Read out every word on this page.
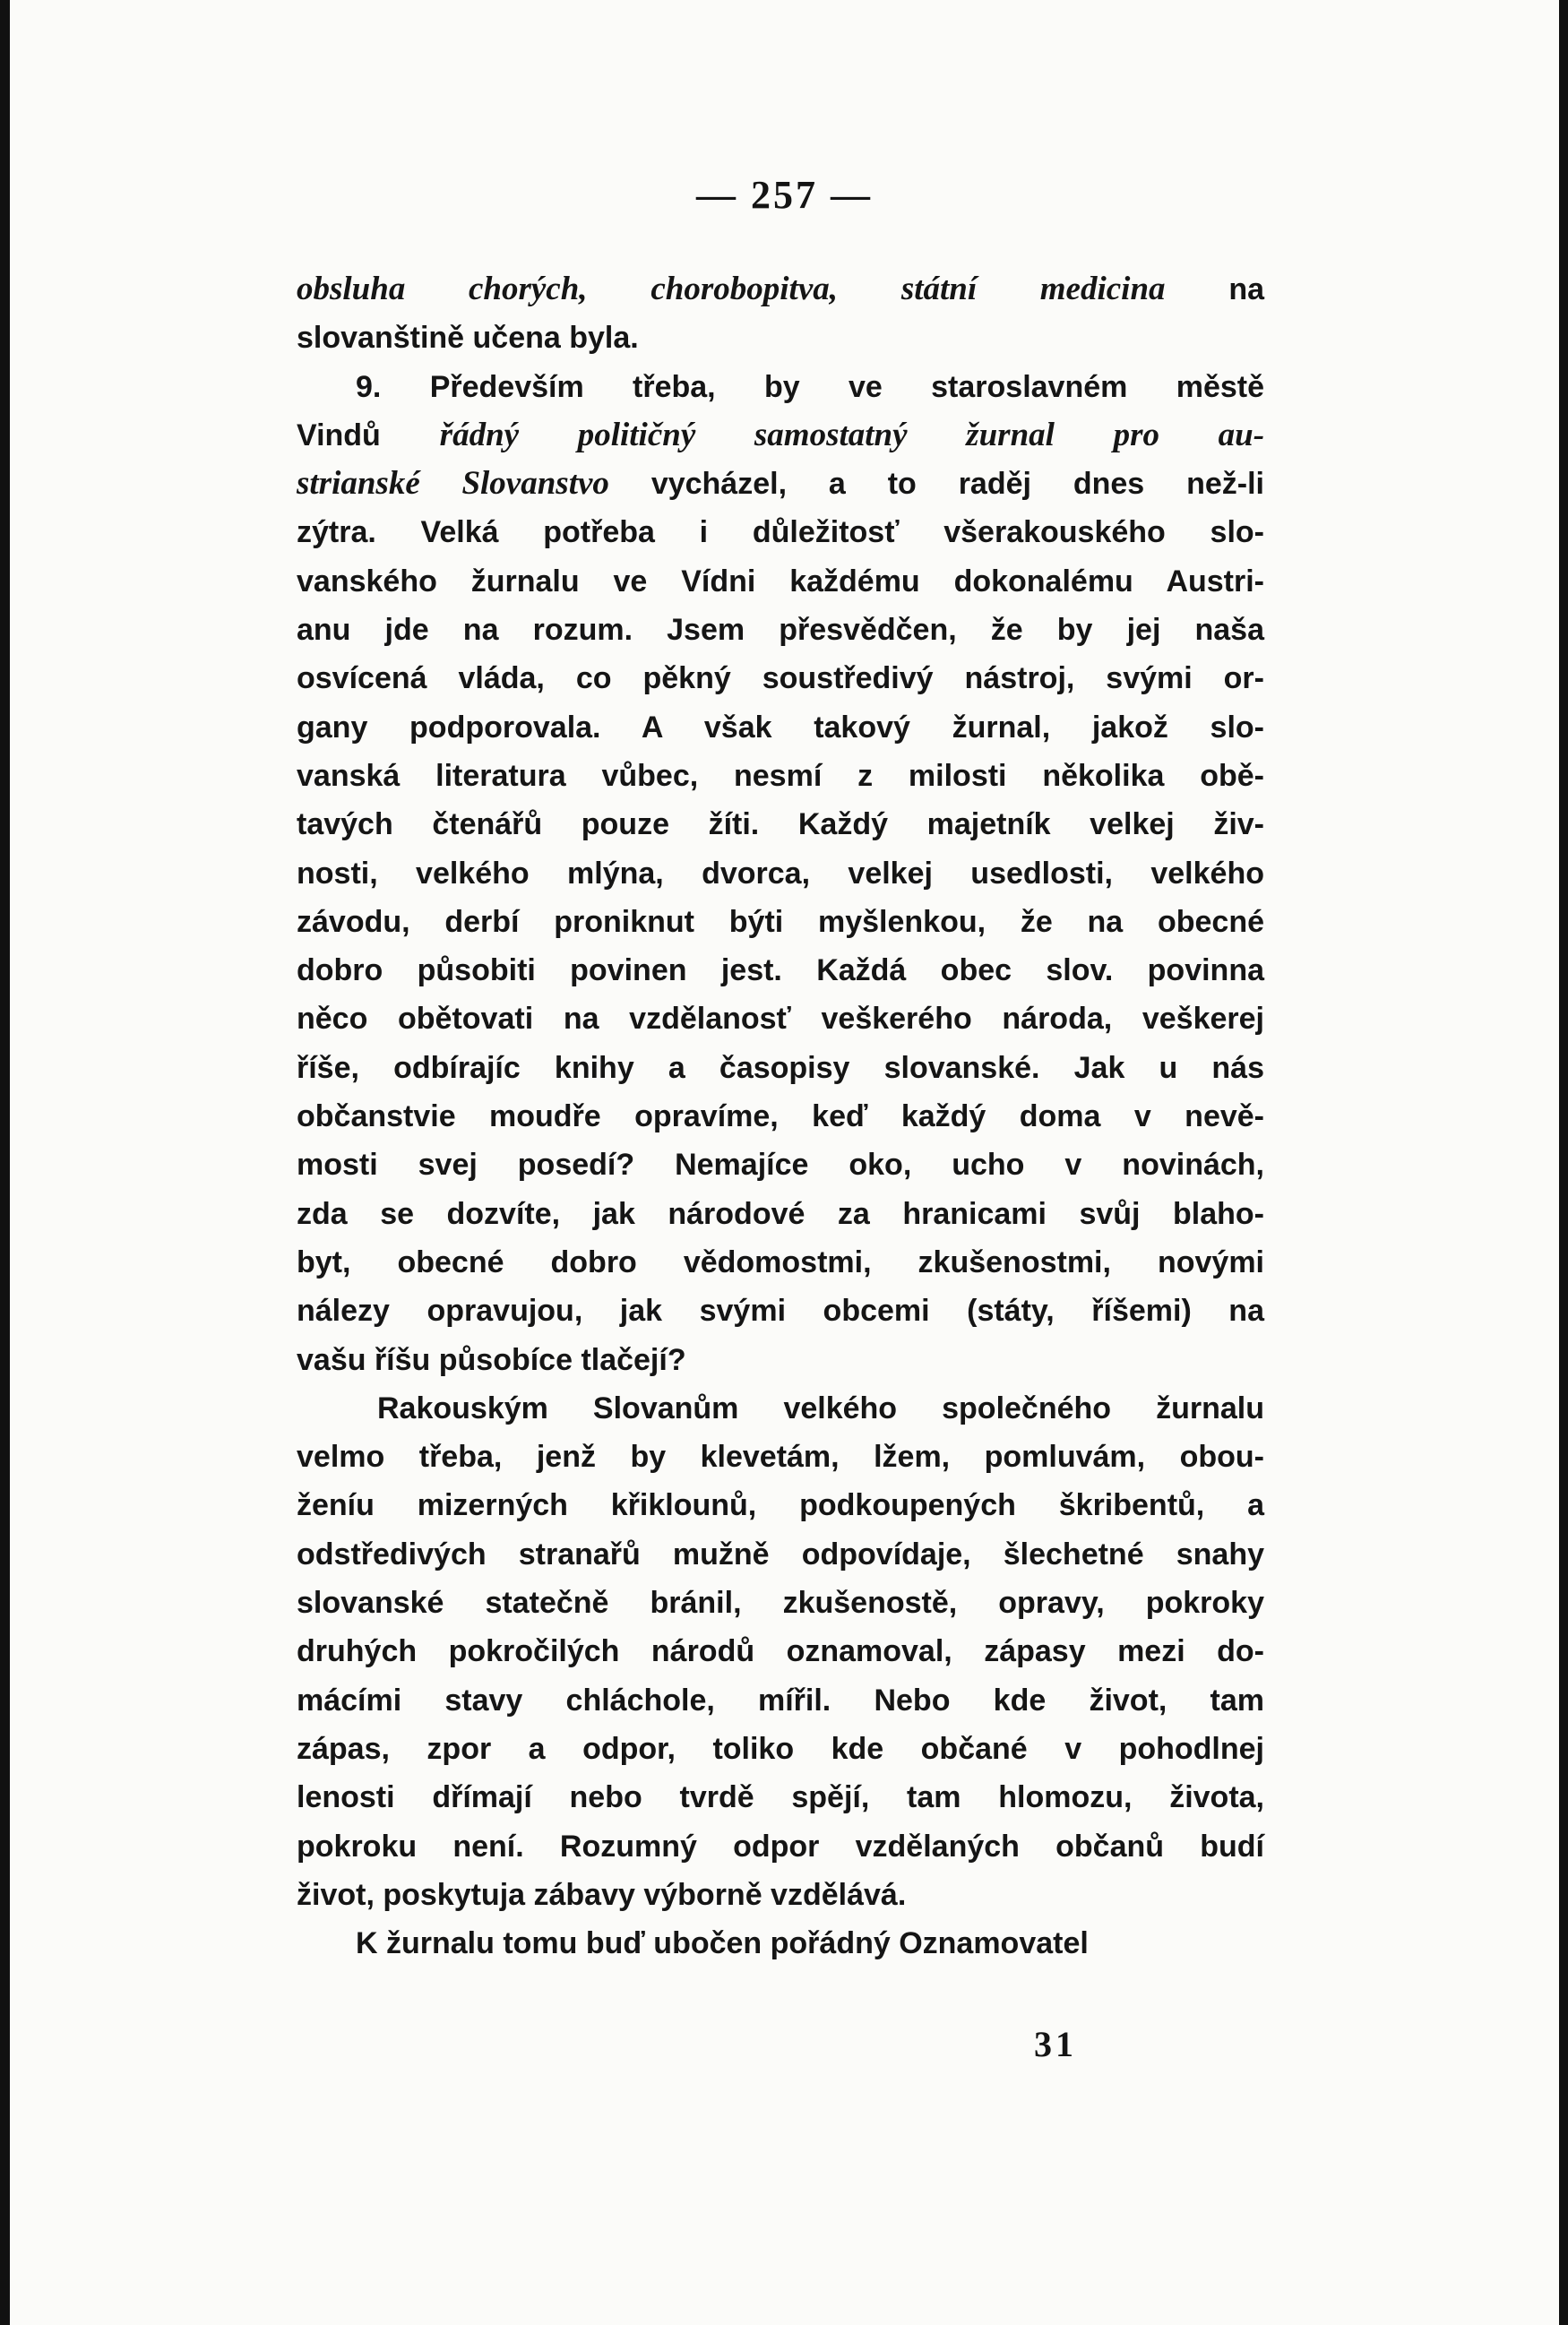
— 257 —
obsluha chorých, chorobopitva, státní medicina na
slovanštině učena byla.
9. Především třeba, by ve staroslavném městě
Vindů řádný političný samostatný žurnal pro au-
strianské Slovanstvo vycházel, a to raděj dnes než-li
zýtra. Velká potřeba i důležitosť všerakouského slo-
vanského žurnalu ve Vídni každému dokonalému Austri-
anu jde na rozum. Jsem přesvědčen, že by jej naša
osvícená vláda, co pěkný soustředivý nástroj, svými or-
gany podporovala. A však takový žurnal, jakož slo-
vanská literatura vůbec, nesmí z milosti několika obě-
tavých čtenářů pouze žíti. Každý majetník velkej živ-
nosti, velkého mlýna, dvorca, velkej usedlosti, velkého
závodu, derbí proniknut býti myšlenkou, že na obecné
dobro působiti povinen jest. Každá obec slov. povinna
něco obětovati na vzdělanosť veškerého národa, veškerej
říše, odbírajíc knihy a časopisy slovanské. Jak u nás
občanstvie moudře opravíme, keď každý doma v nevě-
mosti svej posedí? Nemajíce oko, ucho v novinách,
zda se dozvíte, jak národové za hranicami svůj blaho-
byt, obecné dobro vědomostmi, zkušenostmi, novými
nálezy opravujou, jak svými obcemi (státy, říšemi) na
vašu říšu působíce tlačejí?
Rakouským Slovanům velkého společného žurnalu
velmo třeba, jenž by klevetám, lžem, pomluvám, obou-
ženíu mizerných křiklounů, podkoupených škribentů, a
odstředivých stranařů mužně odpovídaje, šlechetné snahy
slovanské statečně bránil, zkušenostě, opravy, pokroky
druhých pokročilých národů oznamoval, zápasy mezi do-
mácími stavy chláchole, mířil. Nebo kde život, tam
zápas, zpor a odpor, toliko kde občané v pohodlnej
lenosti dřímají nebo tvrdě spějí, tam hlomozu, života,
pokroku není. Rozumný odpor vzdělaných občanů budí
život, poskytuja zábavy výborně vzdělává.
K žurnalu tomu buď ubočen pořádný Oznamovatel
31
